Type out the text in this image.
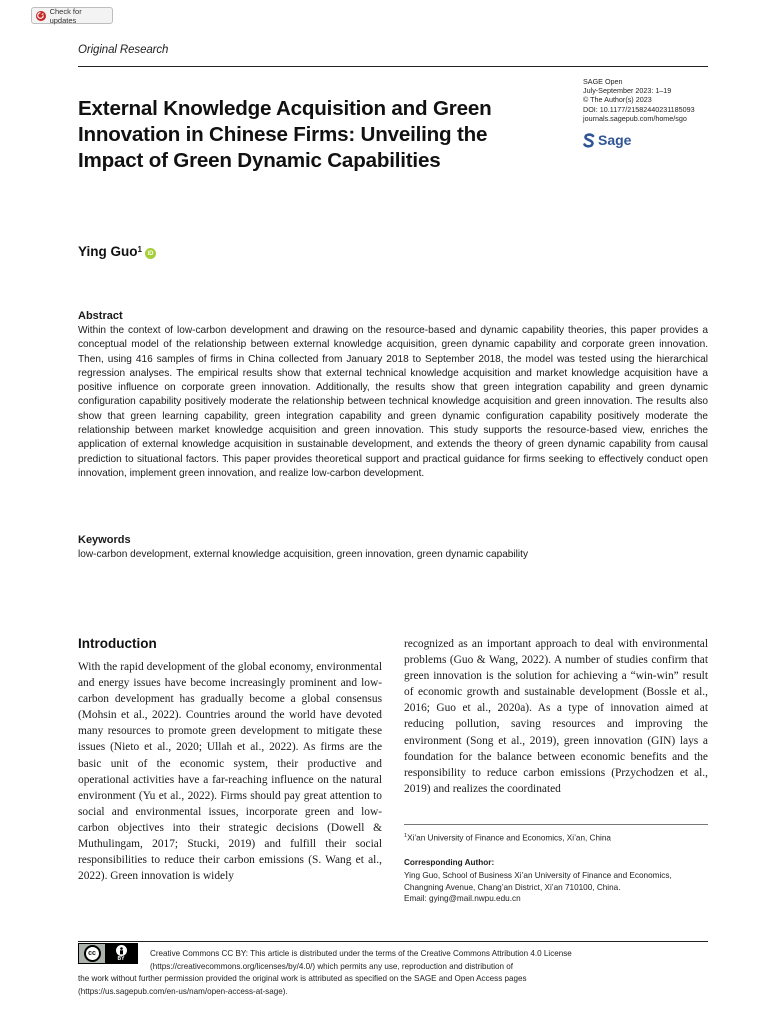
Check for updates
Original Research
SAGE Open
July-September 2023: 1–19
© The Author(s) 2023
DOI: 10.1177/21582440231185093
journals.sagepub.com/home/sgo
Sage
External Knowledge Acquisition and Green Innovation in Chinese Firms: Unveiling the Impact of Green Dynamic Capabilities
Ying Guo$^1$ iD
Abstract

Within the context of low-carbon development and drawing on the resource-based and dynamic capability theories, this paper provides a conceptual model of the relationship between external knowledge acquisition, green dynamic capability and corporate green innovation. Then, using 416 samples of firms in China collected from January 2018 to September 2018, the model was tested using the hierarchical regression analyses. The empirical results show that external technical knowledge acquisition and market knowledge acquisition have a positive influence on corporate green innovation. Additionally, the results show that green integration capability and green dynamic configuration capability positively moderate the relationship between technical knowledge acquisition and green innovation. The results also show that green learning capability, green integration capability and green dynamic configuration capability positively moderate the relationship between market knowledge acquisition and green innovation. This study supports the resource-based view, enriches the application of external knowledge acquisition in sustainable development, and extends the theory of green dynamic capability from causal prediction to situational factors. This paper provides theoretical support and practical guidance for firms seeking to effectively conduct open innovation, implement green innovation, and realize low-carbon development.

Keywords
low-carbon development, external knowledge acquisition, green innovation, green dynamic capability
Introduction

With the rapid development of the global economy, environmental and energy issues have become increasingly prominent and low-carbon development has gradually become a global consensus (Mohsin et al., 2022). Countries around the world have devoted many resources to promote green development to mitigate these issues (Nieto et al., 2020; Ullah et al., 2022). As firms are the basic unit of the economic system, their productive and operational activities have a far-reaching influence on the natural environment (Yu et al., 2022). Firms should pay great attention to social and environmental issues, incorporate green and low-carbon objectives into their strategic decisions (Dowell & Muthulingam, 2017; Stucki, 2019) and fulfill their social responsibilities to reduce their carbon emissions (S. Wang et al., 2022). Green innovation is widely

recognized as an important approach to deal with environmental problems (Guo & Wang, 2022). A number of studies confirm that green innovation is the solution for achieving a “win-win” result of economic growth and sustainable development (Bossle et al., 2016; Guo et al., 2020a). As a type of innovation aimed at reducing pollution, saving resources and improving the environment (Song et al., 2019), green innovation (GIN) lays a foundation for the balance between economic benefits and the responsibility to reduce carbon emissions (Przychodzen et al., 2019) and realizes the coordinated

$^1$Xi’an University of Finance and Economics, Xi’an, China
Corresponding Author:
Ying Guo, School of Business Xi’an University of Finance and Economics,
Changning Avenue, Chang’an District, Xi’an 710100, China.
Email: gying@mail.nwpu.edu.cn
cc
BY
Creative Commons CC BY: This article is distributed under the terms of the Creative Commons Attribution 4.0 License
(https://creativecommons.org/licenses/by/4.0/) which permits any use, reproduction and distribution of
the work without further permission provided the original work is attributed as specified on the SAGE and Open Access pages
(https://us.sagepub.com/en-us/nam/open-access-at-sage).
